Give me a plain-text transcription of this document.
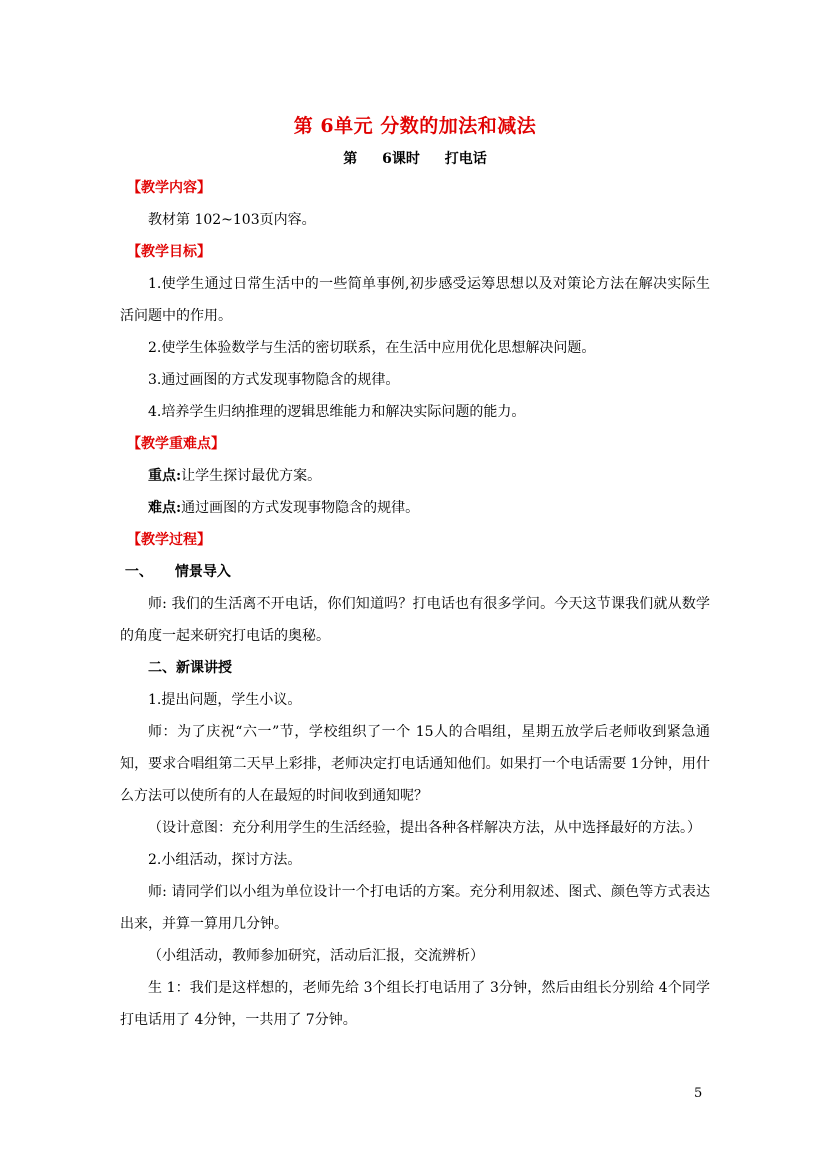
第 6单元 分数的加法和减法
第 6课时 打电话
【教学内容】

教材第 102~103页内容。

【教学目标】

1.使学生通过日常生活中的一些简单事例,初步感受运筹思想以及对策论方法在解决实际生活问题中的作用。

2.使学生体验数学与生活的密切联系，在生活中应用优化思想解决问题。

3.通过画图的方式发现事物隐含的规律。

4.培养学生归纳推理的逻辑思维能力和解决实际问题的能力。

【教学重难点】

重点:让学生探讨最优方案。

难点:通过画图的方式发现事物隐含的规律。

【教学过程】

一、 情景导入

师: 我们的生活离不开电话，你们知道吗？打电话也有很多学问。今天这节课我们就从数学的角度一起来研究打电话的奥秘。

二、新课讲授

1.提出问题，学生小议。

师：为了庆祝“六一”节，学校组织了一个 15人的合唱组，星期五放学后老师收到紧急通知，要求合唱组第二天早上彩排，老师决定打电话通知他们。如果打一个电话需要 1分钟，用什么方法可以使所有的人在最短的时间收到通知呢？

（设计意图：充分利用学生的生活经验，提出各种各样解决方法，从中选择最好的方法。）

2.小组活动，探讨方法。

师: 请同学们以小组为单位设计一个打电话的方案。充分利用叙述、图式、颜色等方式表达出来，并算一算用几分钟。

（小组活动，教师参加研究，活动后汇报，交流辨析）

生 1：我们是这样想的，老师先给 3个组长打电话用了 3分钟，然后由组长分别给 4个同学打电话用了 4分钟，一共用了 7分钟。

5
